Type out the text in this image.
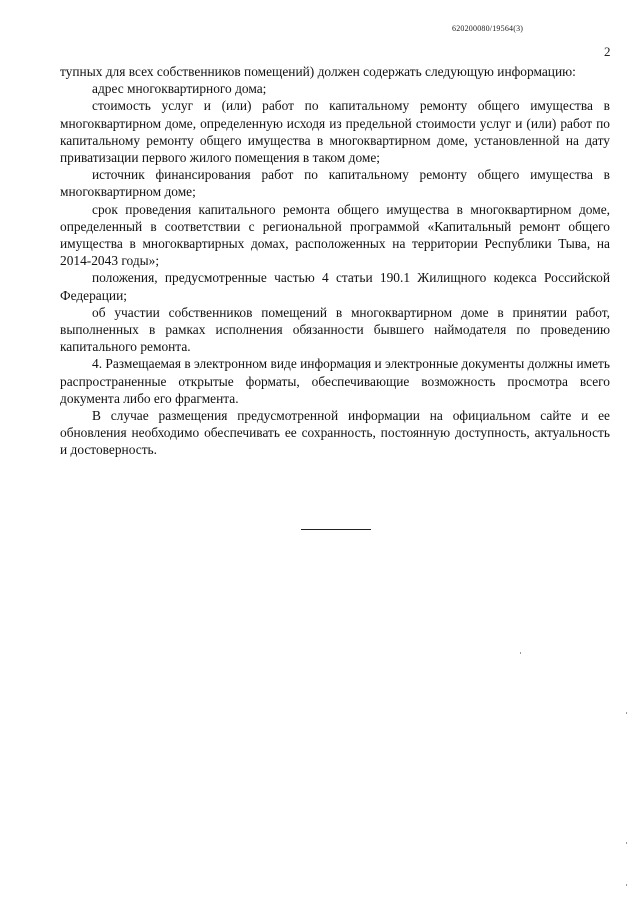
620200080/19564(3)
2

тупных для всех собственников помещений) должен содержать следующую информацию:

адрес многоквартирного дома;

стоимость услуг и (или) работ по капитальному ремонту общего имущества в многоквартирном доме, определенную исходя из предельной стоимости услуг и (или) работ по капитальному ремонту общего имущества в многоквартирном доме, установленной на дату приватизации первого жилого помещения в таком доме;

источник финансирования работ по капитальному ремонту общего имущества в многоквартирном доме;

срок проведения капитального ремонта общего имущества в многоквартирном доме, определенный в соответствии с региональной программой «Капитальный ремонт общего имущества в многоквартирных домах, расположенных на территории Республики Тыва, на 2014-2043 годы»;

положения, предусмотренные частью 4 статьи 190.1 Жилищного кодекса Российской Федерации;

об участии собственников помещений в многоквартирном доме в принятии работ, выполненных в рамках исполнения обязанности бывшего наймодателя по проведению капитального ремонта.

4. Размещаемая в электронном виде информация и электронные документы должны иметь распространенные открытые форматы, обеспечивающие возможность просмотра всего документа либо его фрагмента.

В случае размещения предусмотренной информации на официальном сайте и ее обновления необходимо обеспечивать ее сохранность, постоянную доступность, актуальность и достоверность.
